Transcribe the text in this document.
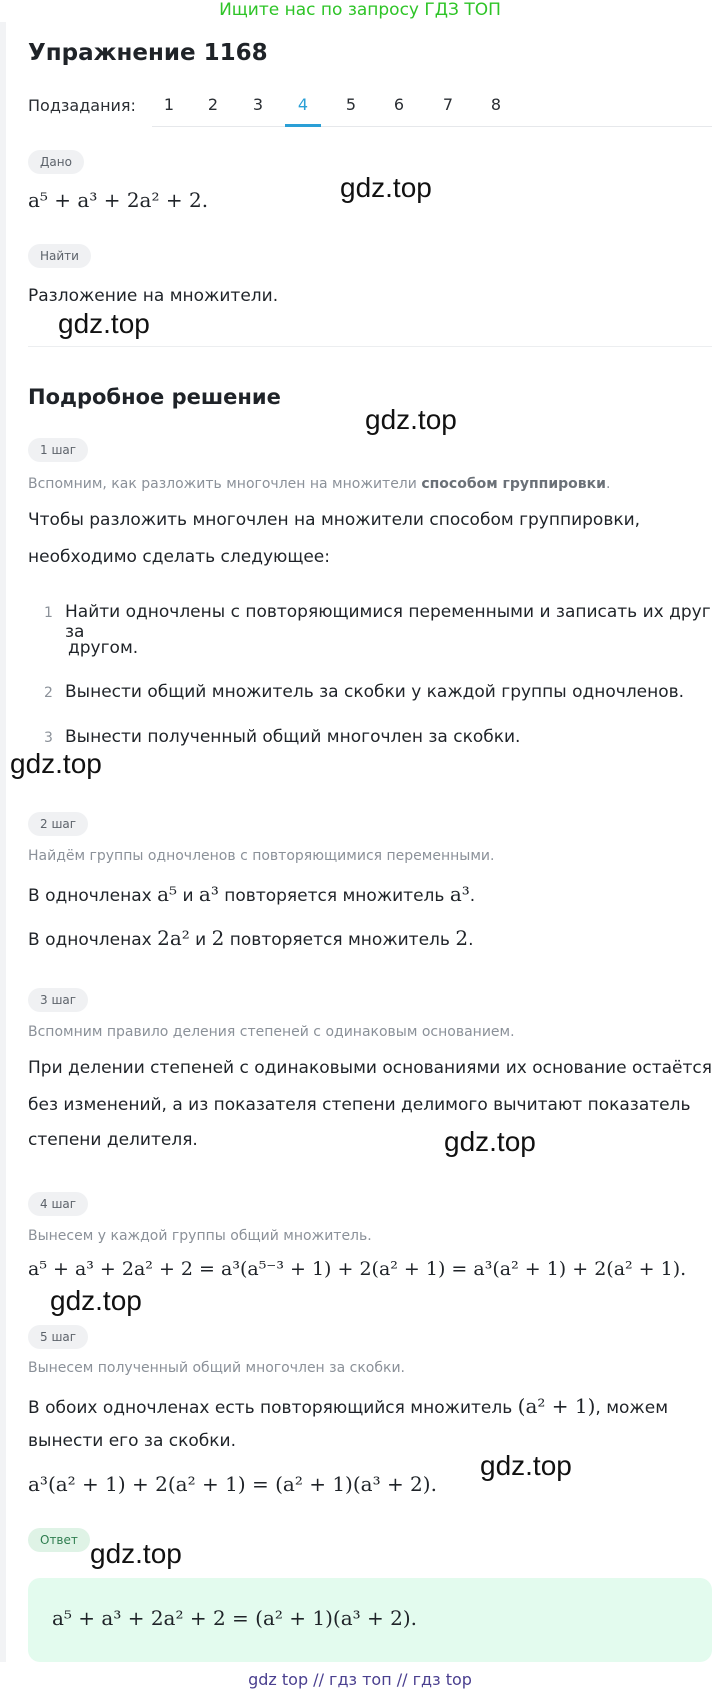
Ищите нас по запросу ГДЗ ТОП
Упражнение 1168
Подзадания:	1	2	3	4	5	6	7	8
Дано
a⁵ + a³ + 2a² + 2.
Найти
Разложение на множители.
Подробное решение
1 шаг
Вспомним, как разложить многочлен на множители способом группировки.
Чтобы разложить многочлен на множители способом группировки,
необходимо сделать следующее:
1 Найти одночлены с повторяющимися переменными и записать их друг за
другом.
2 Вынести общий множитель за скобки у каждой группы одночленов.
3 Вынести полученный общий многочлен за скобки.
2 шаг
Найдём группы одночленов с повторяющимися переменными.
В одночленах a⁵ и a³ повторяется множитель a³.
В одночленах 2a² и 2 повторяется множитель 2.
3 шаг
Вспомним правило деления степеней с одинаковым основанием.
При делении степеней с одинаковыми основаниями их основание остаётся
без изменений, а из показателя степени делимого вычитают показатель
степени делителя.
4 шаг
Вынесем у каждой группы общий множитель.
a⁵ + a³ + 2a² + 2 = a³(a⁵⁻³ + 1) + 2(a² + 1) = a³(a² + 1) + 2(a² + 1).
5 шаг
Вынесем полученный общий многочлен за скобки.
В обоих одночленах есть повторяющийся множитель (a² + 1), можем
вынести его за скобки.
a³(a² + 1) + 2(a² + 1) = (a² + 1)(a³ + 2).
Ответ
a⁵ + a³ + 2a² + 2 = (a² + 1)(a³ + 2).
gdz.top
gdz.top
gdz.top
gdz.top
gdz.top
gdz.top
gdz.top
gdz.top
gdz top // гдз топ // гдз top
